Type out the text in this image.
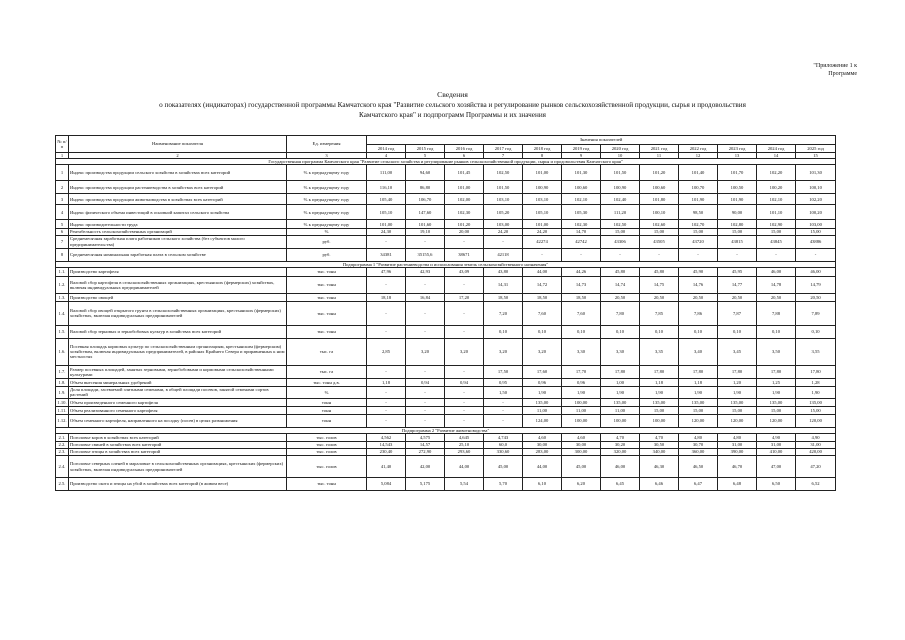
"Приложение 1 к
Программе
Сведения
о показателях (индикаторах) государственной программы Камчатского края "Развитие сельского хозяйства и регулирование рынков сельскохозяйственной продукции, сырья и продовольствия
Камчатского края" и подпрограмм Программы и их значения
№ п/п	Наименование показателя	Ед. измерения	Значения показателей											
			2014 год	2015 год	2016 год	2017 год	2018 год	2019 год	2020 год	2021 год	2022 год	2023 год	2024 год	2025 год
1	2	3	4	5	6	7	8	9	10	11	12	13	14	15
Государственная программа Камчатского края "Развитие сельского хозяйства и регулирование рынков сельскохозяйственной продукции, сырья и продовольствия Камчатского края"														
1	Индекс производства продукции сельского хозяйства в хозяйствах всех категорий	% к предыдущему году	111,00	94,60	101,45	102,50	101,00	101,30	101,50	101,20	101,40	101,70	102,20	101,30
2	Индекс производства продукции растениеводства в хозяйствах всех категорий	% к предыдущему году	116,10	86,80	101,00	101,50	100,90	100,60	100,90	100,60	100,70	100,50	100,20	100,10
3	Индекс производства продукции животноводства в хозяйствах всех категорий	% к предыдущему году	105,40	106,70	102,00	103,10	103,10	102,10	102,40	101,80	101,90	101,90	102,10	102,20
4	Индекс физического объема инвестиций в основной капитал сельского хозяйства	% к предыдущему году	105,10	147,60	102,30	105,20	105,10	105,30	111,20	100,10	98,50	90,00	101,10	100,20
5	Индекс производительности труда	% к предыдущему году	101,00	101,60	101,20	103,00	101,00	102,30	102,50	102,60	102,70	102,80	102,90	103,00
6	Рентабельность сельскохозяйственных организаций	%	24,30	19,10	20,00	24,20	24,20	14,70	15,00	15,00	15,00	15,00	15,00	15,00
7	Среднемесячная заработная плата работников сельского хозяйства (без субъектов малого предпринимательства)	руб.	-	-	-	-	42274	42742	43306	43505	43720	43815	43845	43886
8	Среднемесячная номинальная заработная плата в сельском хозяйстве	руб.	34381	35155,6	38671	42118	-	-	-	-	-	-	-	-
Подпрограмма 1 "Развитие растениеводства и использования земель сельскохозяйственного назначения"														
1.1.	Производство картофеля	тыс. тонн	47,96	42,93	43,09	43,80	44,00	44,26	45,80	45,80	45,90	45,95	46,00	46,00
1.2.	Валовой сбор картофеля в сельскохозяйственных организациях, крестьянских (фермерских) хозяйствах, включая индивидуальных предпринимателей	тыс. тонн	-	-	-	14,31	14,72	14,73	14,74	14,75	14,76	14,77	14,78	14,79
1.3.	Производство овощей	тыс. тонн	18,18	16,84	17,20	18,50	18,50	18,50	20,50	20,50	20,50	20,50	20,50	20,50
1.4.	Валовой сбор овощей открытого грунта в сельскохозяйственных организациях, крестьянских (фермерских) хозяйствах, включая индивидуальных предпринимателей	тыс. тонн	-	-	-	7,20	7,60	7,60	7,80	7,85	7,86	7,87	7,88	7,89
1.5.	Валовой сбор зерновых и зернобобовых культур в хозяйствах всех категорий	тыс. тонн	-	-	-	0,10	0,10	0,10	0,10	0,10	0,10	0,10	0,10	0,10
1.6.	Посевная площадь кормовых культур по сельскохозяйственным организациям, крестьянским (фермерским) хозяйствам, включая индивидуальных предпринимателей, в районах Крайнего Севера и приравненных к ним местностях	тыс. га	2,85	3,20	3,20	3,20	3,20	3,30	3,30	3,35	3,40	3,45	3,50	3,55
1.7.	Размер посевных площадей, занятых зерновыми, зернобобовыми и кормовыми сельскохозяйственными культурами	тыс. га	-	-	-	17,50	17,60	17,70	17,80	17,80	17,80	17,80	17,80	17,80
1.8.	Объем внесения минеральных удобрений	тыс. тонн д.в.	1,18	0,94	0,94	0,95	0,96	0,96	1,00	1,18	1,18	1,20	1,25	1,28
1.9.	Доля площади, засеваемой элитными семенами, в общей площади посевов, занятой семенами сортов растений	%	-	-	-	1,50	1,90	1,90	1,90	1,90	1,90	1,90	1,90	1,90
1.10.	Объем произведенного семенного картофеля	тонн	-	-	-	-	135,00	100,00	135,00	135,00	135,00	135,00	135,00	135,00
1.11.	Объем реализованного семенного картофеля	тонн	-	-	-	-	11,00	11,00	11,00	15,00	15,00	15,00	15,00	15,00
1.12.	Объем семенного картофеля, направленного на посадку (посев) в целях размножения	тонн	-	-	-	-	124,00	100,00	100,00	100,00	120,00	120,00	120,00	120,00
Подпрограмма 2 "Развитие животноводства"														
2.1.	Поголовье коров в хозяйствах всех категорий	тыс. голов	4,562	4,575	4,645	4,743	4,60	4,60	4,70	4,70	4,80	4,80	4,90	4,90
2.2.	Поголовье свиней в хозяйствах всех категорий	тыс. голов	14,543	14,57	25,10	60,0	30,00	30,00	30,20	30,50	30,70	31,00	31,00	31,00
2.3.	Поголовье птицы в хозяйствах всех категорий	тыс. голов	230,40	272,90	293,60	330,60	283,00	300,00	320,00	340,00	360,00	390,00	410,00	420,00
2.4.	Поголовье северных оленей в мараловые в сельскохозяйственных организациях, крестьянских (фермерских) хозяйствах, включая индивидуальных предпринимателей	тыс. голов	41,40	42,00	44,00	45,00	44,00	45,00	46,00	46,30	46,50	46,70	47,00	47,20
2.5.	Производство скота и птицы на убой в хозяйствах всех категорий (в живом весе)	тыс. тонн	5,084	5,175	5,54	5,70	6,10	6,20	6,45	6,46	6,47	6,48	6,50	6,52
